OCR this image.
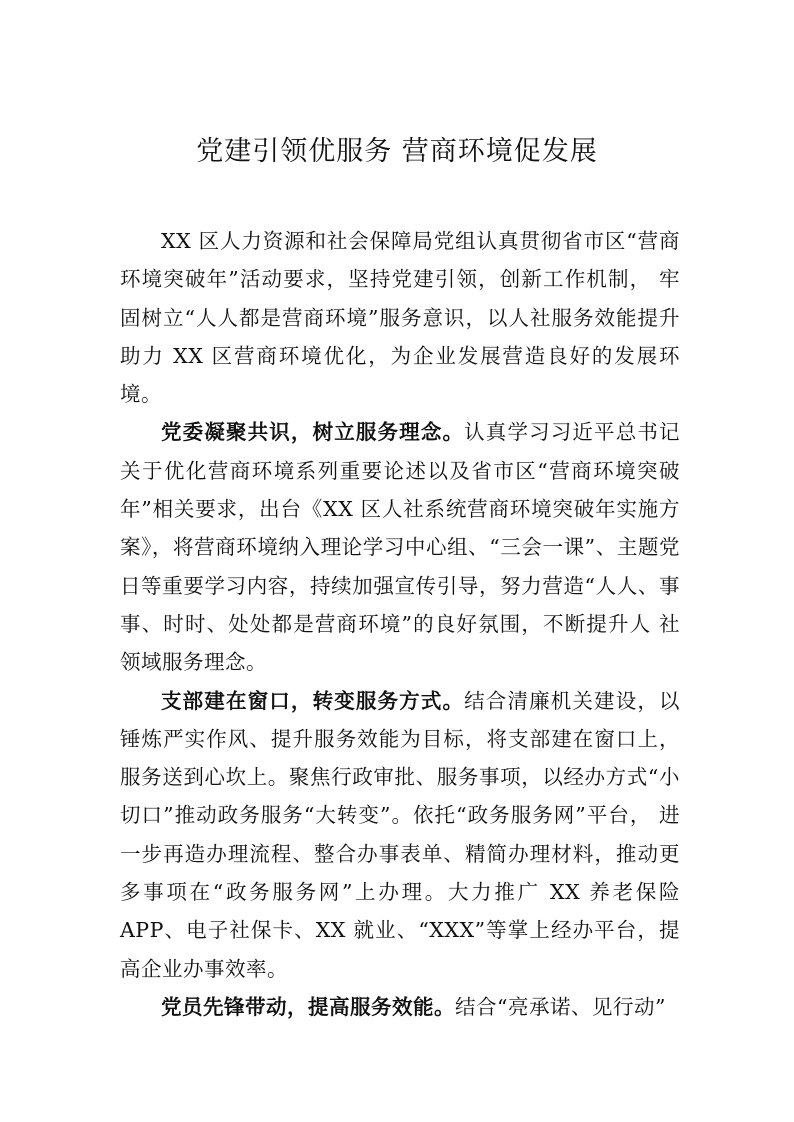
党建引领优服务 营商环境促发展

XX 区人力资源和社会保障局党组认真贯彻省市区“营商环境突破年”活动要求，坚持党建引领，创新工作机制， 牢固树立“人人都是营商环境”服务意识，以人社服务效能提升助力 XX 区营商环境优化，为企业发展营造良好的发展环境。

党委凝聚共识，树立服务理念。认真学习习近平总书记关于优化营商环境系列重要论述以及省市区“营商环境突破年”相关要求，出台《XX 区人社系统营商环境突破年实施方案》，将营商环境纳入理论学习中心组、“三会一课”、主题党日等重要学习内容，持续加强宣传引导，努力营造“人人、事事、时时、处处都是营商环境”的良好氛围，不断提升人 社领域服务理念。

支部建在窗口，转变服务方式。结合清廉机关建设，以锤炼严实作风、提升服务效能为目标，将支部建在窗口上， 服务送到心坎上。聚焦行政审批、服务事项，以经办方式“小切口”推动政务服务“大转变”。依托“政务服务网”平台， 进一步再造办理流程、整合办事表单、精简办理材料，推动更多事项在“政务服务网”上办理。大力推广 XX 养老保险APP、电子社保卡、XX 就业、“XXX”等掌上经办平台，提高企业办事效率。

党员先锋带动，提高服务效能。结合“亮承诺、见行动”
